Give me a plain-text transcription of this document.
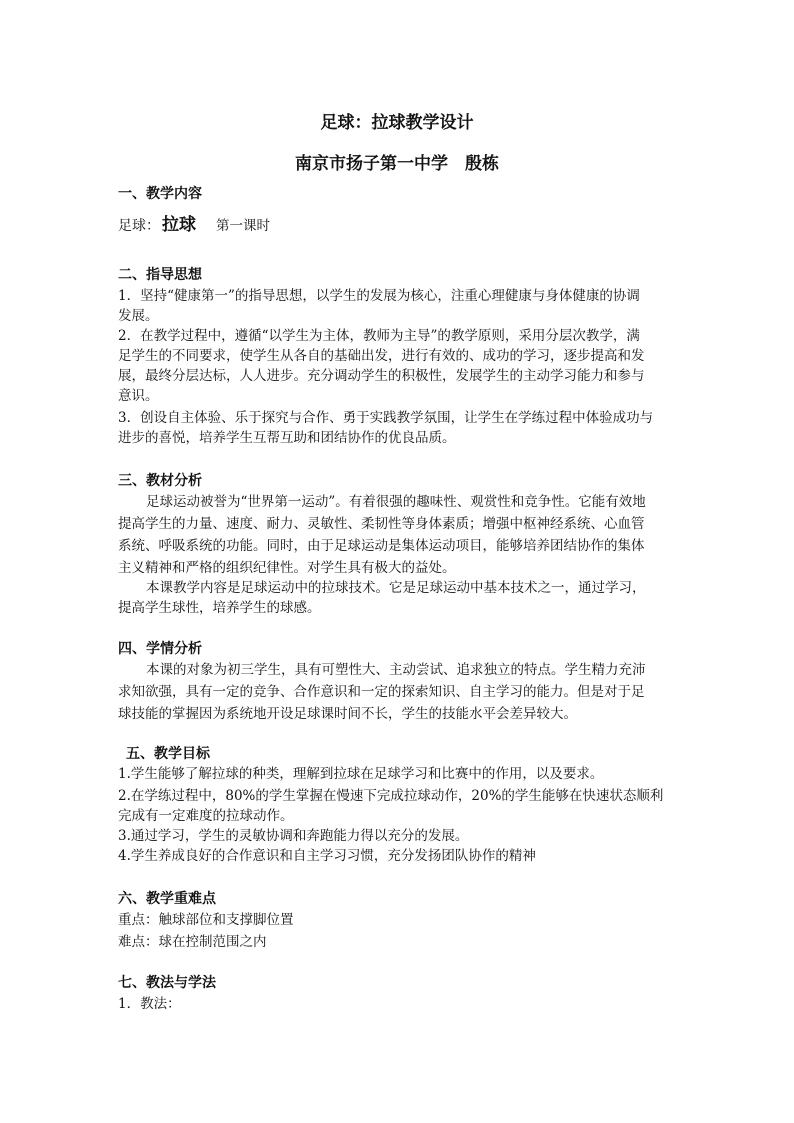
足球：拉球教学设计
南京市扬子第一中学　殷栋
一、教学内容
足球： 拉球 第一课时
二、指导思想
1．坚持“健康第一”的指导思想，以学生的发展为核心，注重心理健康与身体健康的协调
发展。
2．在教学过程中，遵循“以学生为主体，教师为主导”的教学原则，采用分层次教学，满
足学生的不同要求，使学生从各自的基础出发，进行有效的、成功的学习，逐步提高和发
展，最终分层达标，人人进步。充分调动学生的积极性，发展学生的主动学习能力和参与
意识。
3．创设自主体验、乐于探究与合作、勇于实践教学氛围，让学生在学练过程中体验成功与
进步的喜悦，培养学生互帮互助和团结协作的优良品质。
三、教材分析
足球运动被誉为“世界第一运动”。有着很强的趣味性、观赏性和竞争性。它能有效地
提高学生的力量、速度、耐力、灵敏性、柔韧性等身体素质；增强中枢神经系统、心血管
系统、呼吸系统的功能。同时，由于足球运动是集体运动项目，能够培养团结协作的集体
主义精神和严格的组织纪律性。对学生具有极大的益处。
本课教学内容是足球运动中的拉球技术。它是足球运动中基本技术之一，通过学习，
提高学生球性，培养学生的球感。
四、学情分析
本课的对象为初三学生，具有可塑性大、主动尝试、追求独立的特点。学生精力充沛
求知欲强，具有一定的竞争、合作意识和一定的探索知识、自主学习的能力。但是对于足
球技能的掌握因为系统地开设足球课时间不长，学生的技能水平会差异较大。
五、教学目标
1.学生能够了解拉球的种类，理解到拉球在足球学习和比赛中的作用，以及要求。
2.在学练过程中，80%的学生掌握在慢速下完成拉球动作，20%的学生能够在快速状态顺利
完成有一定难度的拉球动作。
3.通过学习，学生的灵敏协调和奔跑能力得以充分的发展。
4.学生养成良好的合作意识和自主学习习惯，充分发扬团队协作的精神
六、教学重难点
重点：触球部位和支撑脚位置
难点：球在控制范围之内
七、教法与学法
1．教法：
